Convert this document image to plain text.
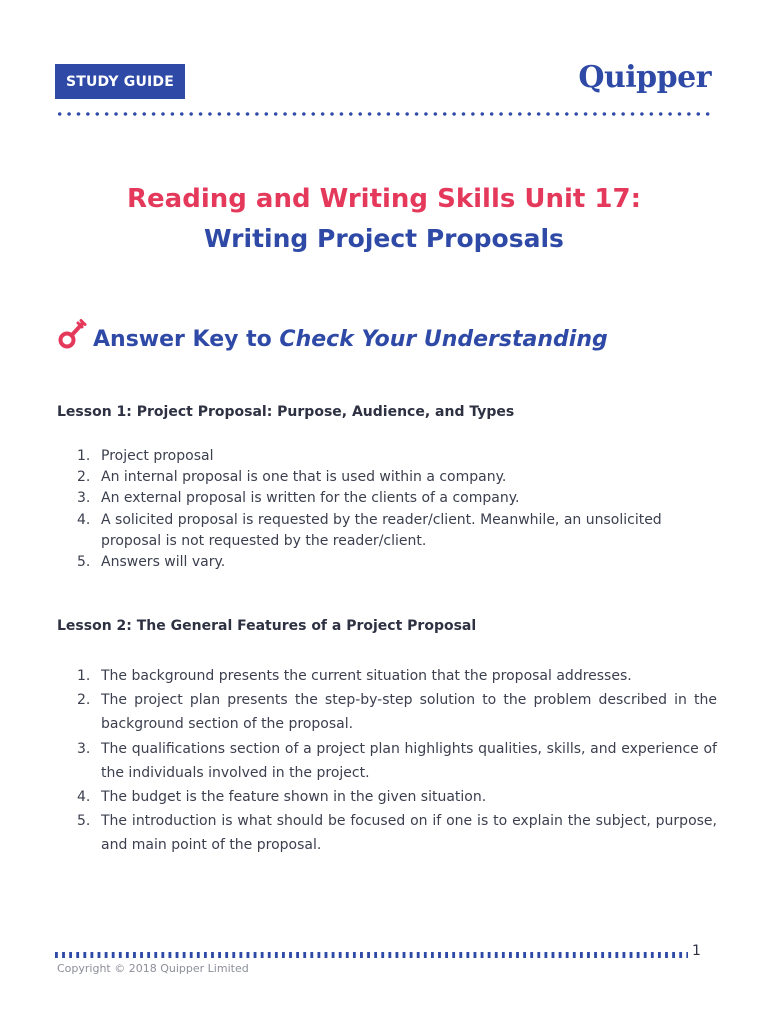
STUDY GUIDE	Quipper
Reading and Writing Skills Unit 17:
Writing Project Proposals
Answer Key to Check Your Understanding
Lesson 1: Project Proposal: Purpose, Audience, and Types
1. Project proposal
2. An internal proposal is one that is used within a company.
3. An external proposal is written for the clients of a company.
4. A solicited proposal is requested by the reader/client. Meanwhile, an unsolicited proposal is not requested by the reader/client.
5. Answers will vary.
Lesson 2: The General Features of a Project Proposal
1. The background presents the current situation that the proposal addresses.
2. The project plan presents the step-by-step solution to the problem described in the background section of the proposal.
3. The qualifications section of a project plan highlights qualities, skills, and experience of the individuals involved in the project.
4. The budget is the feature shown in the given situation.
5. The introduction is what should be focused on if one is to explain the subject, purpose, and main point of the proposal.
1
Copyright © 2018 Quipper Limited
